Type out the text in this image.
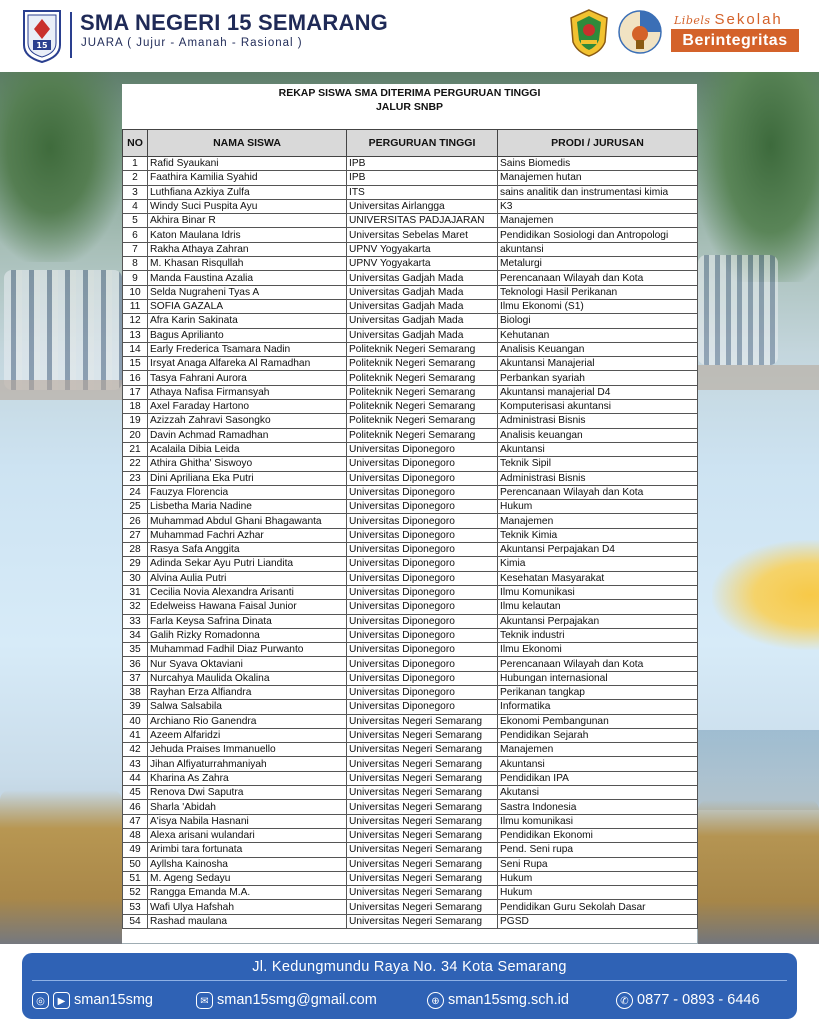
15
SMA NEGERI 15 SEMARANG
JUARA ( Jujur - Amanah - Rasional )
Libels Sekolah
Berintegritas
REKAP SISWA SMA DITERIMA PERGURUAN TINGGI
JALUR SNBP
NO	NAMA SISWA	PERGURUAN TINGGI	PRODI / JURUSAN
1	Rafid Syaukani	IPB	Sains Biomedis
2	Faathira Kamilia Syahid	IPB	Manajemen hutan
3	Luthfiana Azkiya Zulfa	ITS	sains analitik dan instrumentasi kimia
4	Windy Suci Puspita Ayu	Universitas Airlangga	K3
5	Akhira Binar R	UNIVERSITAS PADJAJARAN	Manajemen
6	Katon Maulana Idris	Universitas Sebelas Maret	Pendidikan Sosiologi dan Antropologi
7	Rakha Athaya Zahran	UPNV Yogyakarta	akuntansi
8	M. Khasan Risqullah	UPNV Yogyakarta	Metalurgi
9	Manda Faustina Azalia	Universitas Gadjah Mada	Perencanaan Wilayah dan Kota
10	Selda Nugraheni Tyas A	Universitas Gadjah Mada	Teknologi Hasil Perikanan
11	SOFIA GAZALA	Universitas Gadjah Mada	Ilmu Ekonomi (S1)
12	Afra Karin Sakinata	Universitas Gadjah Mada	Biologi
13	Bagus Aprilianto	Universitas Gadjah Mada	Kehutanan
14	Early Frederica Tsamara Nadin	Politeknik Negeri Semarang	Analisis Keuangan
15	Irsyat Anaga Alfareka Al Ramadhan	Politeknik Negeri Semarang	Akuntansi Manajerial
16	Tasya Fahrani Aurora	Politeknik Negeri Semarang	Perbankan syariah
17	Athaya Nafisa Firmansyah	Politeknik Negeri Semarang	Akuntansi manajerial D4
18	Axel Faraday Hartono	Politeknik Negeri Semarang	Komputerisasi akuntansi
19	Azizzah Zahravi Sasongko	Politeknik Negeri Semarang	Administrasi Bisnis
20	Davin Achmad Ramadhan	Politeknik Negeri Semarang	Analisis keuangan
21	Acalaila Dibia Leida	Universitas Diponegoro	Akuntansi
22	Athira Ghitha' Siswoyo	Universitas Diponegoro	Teknik Sipil
23	Dini Apriliana Eka Putri	Universitas Diponegoro	Administrasi Bisnis
24	Fauzya Florencia	Universitas Diponegoro	Perencanaan Wilayah dan Kota
25	Lisbetha Maria Nadine	Universitas Diponegoro	Hukum
26	Muhammad Abdul Ghani Bhagawanta	Universitas Diponegoro	Manajemen
27	Muhammad Fachri Azhar	Universitas Diponegoro	Teknik Kimia
28	Rasya Safa Anggita	Universitas Diponegoro	Akuntansi Perpajakan D4
29	Adinda Sekar Ayu Putri Liandita	Universitas Diponegoro	Kimia
30	Alvina Aulia Putri	Universitas Diponegoro	Kesehatan Masyarakat
31	Cecilia Novia Alexandra Arisanti	Universitas Diponegoro	Ilmu Komunikasi
32	Edelweiss Hawana Faisal Junior	Universitas Diponegoro	Ilmu kelautan
33	Farla Keysa Safrina Dinata	Universitas Diponegoro	Akuntansi Perpajakan
34	Galih Rizky Romadonna	Universitas Diponegoro	Teknik industri
35	Muhammad Fadhil Diaz Purwanto	Universitas Diponegoro	Ilmu Ekonomi
36	Nur Syava Oktaviani	Universitas Diponegoro	Perencanaan Wilayah dan Kota
37	Nurcahya Maulida Okalina	Universitas Diponegoro	Hubungan internasional
38	Rayhan Erza Alfiandra	Universitas Diponegoro	Perikanan tangkap
39	Salwa Salsabila	Universitas Diponegoro	Informatika
40	Archiano Rio Ganendra	Universitas Negeri Semarang	Ekonomi Pembangunan
41	Azeem Alfaridzi	Universitas Negeri Semarang	Pendidikan Sejarah
42	Jehuda Praises Immanuello	Universitas Negeri Semarang	Manajemen
43	Jihan Alfiyaturrahmaniyah	Universitas Negeri Semarang	Akuntansi
44	Kharina As Zahra	Universitas Negeri Semarang	Pendidikan IPA
45	Renova Dwi Saputra	Universitas Negeri Semarang	Akutansi
46	Sharla 'Abidah	Universitas Negeri Semarang	Sastra Indonesia
47	A'isya Nabila Hasnani	Universitas Negeri Semarang	Ilmu komunikasi
48	Alexa arisani wulandari	Universitas Negeri Semarang	Pendidikan Ekonomi
49	Arimbi tara fortunata	Universitas Negeri Semarang	Pend. Seni rupa
50	Ayllsha Kainosha	Universitas Negeri Semarang	Seni Rupa
51	M. Ageng Sedayu	Universitas Negeri Semarang	Hukum
52	Rangga Emanda M.A.	Universitas Negeri Semarang	Hukum
53	Wafi Ulya Hafshah	Universitas Negeri Semarang	Pendidikan Guru Sekolah Dasar
54	Rashad maulana	Universitas Negeri Semarang	PGSD
Jl. Kedungmundu Raya No. 34 Kota Semarang
◎ ▶ sman15smg	✉ sman15smg@gmail.com	⊕ sman15smg.sch.id	✆ 0877 - 0893 - 6446
